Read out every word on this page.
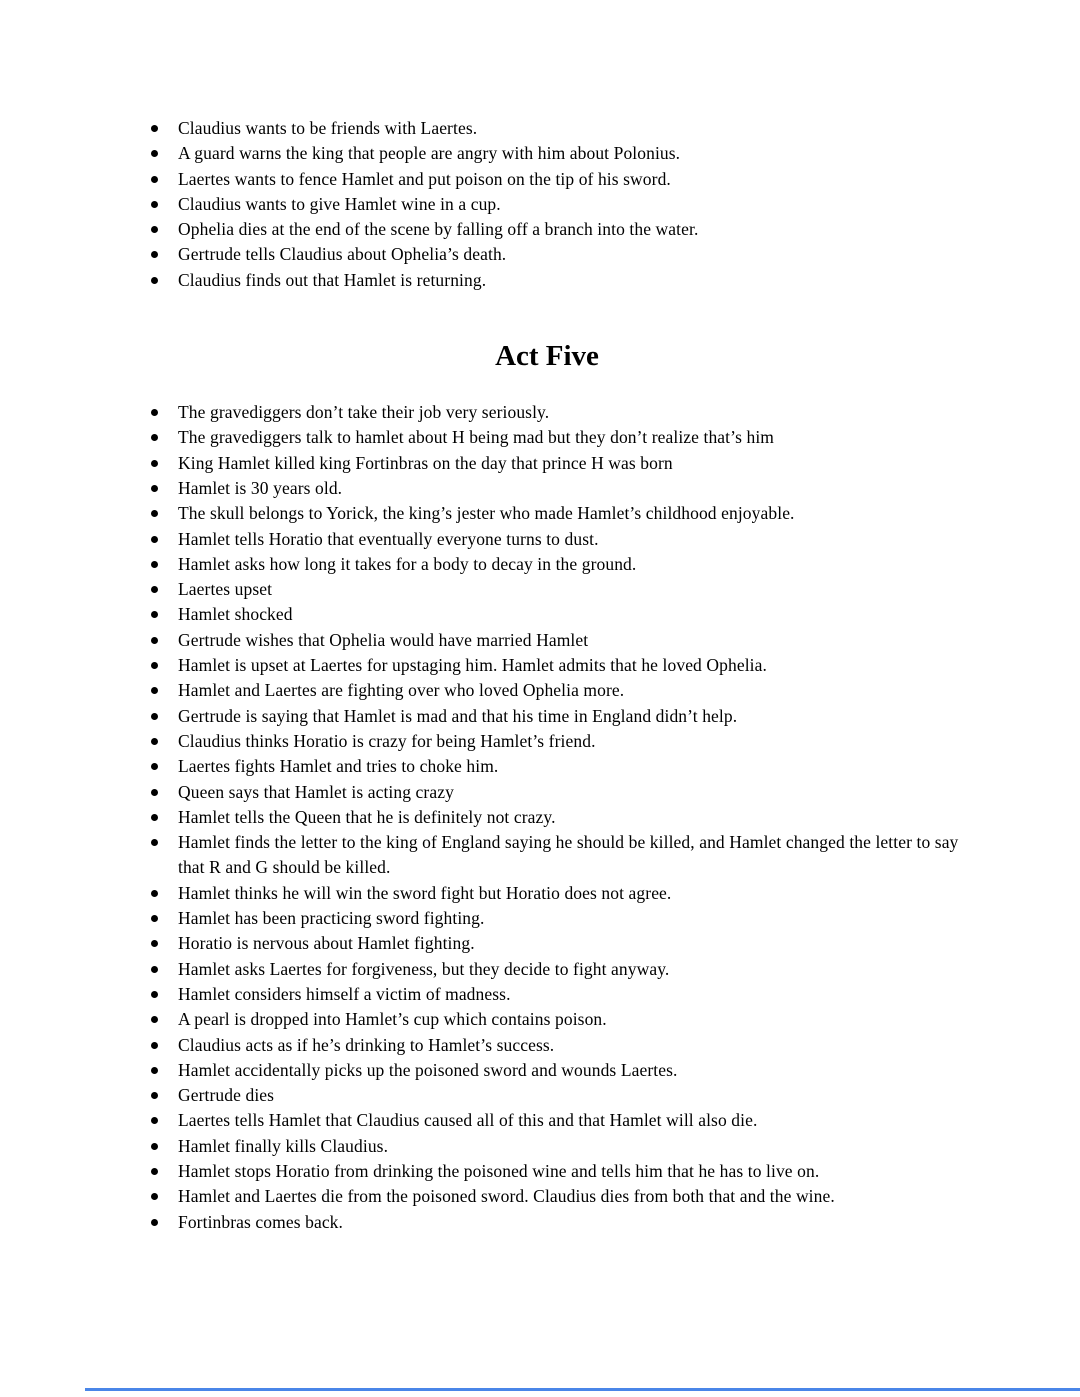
Claudius wants to be friends with Laertes.
A guard warns the king that people are angry with him about Polonius.
Laertes wants to fence Hamlet and put poison on the tip of his sword.
Claudius wants to give Hamlet wine in a cup.
Ophelia dies at the end of the scene by falling off a branch into the water.
Gertrude tells Claudius about Ophelia’s death.
Claudius finds out that Hamlet is returning.
Act Five
The gravediggers don’t take their job very seriously.
The gravediggers talk to hamlet about H being mad but they don’t realize that’s him
King Hamlet killed king Fortinbras on the day that prince H was born
Hamlet is 30 years old.
The skull belongs to Yorick, the king’s jester who made Hamlet’s childhood enjoyable.
Hamlet tells Horatio that eventually everyone turns to dust.
Hamlet asks how long it takes for a body to decay in the ground.
Laertes upset
Hamlet shocked
Gertrude wishes that Ophelia would have married Hamlet
Hamlet is upset at Laertes for upstaging him. Hamlet admits that he loved Ophelia.
Hamlet and Laertes are fighting over who loved Ophelia more.
Gertrude is saying that Hamlet is mad and that his time in England didn’t help.
Claudius thinks Horatio is crazy for being Hamlet’s friend.
Laertes fights Hamlet and tries to choke him.
Queen says that Hamlet is acting crazy
Hamlet tells the Queen that he is definitely not crazy.
Hamlet finds the letter to the king of England saying he should be killed, and Hamlet changed the letter to say that R and G should be killed.
Hamlet thinks he will win the sword fight but Horatio does not agree.
Hamlet has been practicing sword fighting.
Horatio is nervous about Hamlet fighting.
Hamlet asks Laertes for forgiveness, but they decide to fight anyway.
Hamlet considers himself a victim of madness.
A pearl is dropped into Hamlet’s cup which contains poison.
Claudius acts as if he’s drinking to Hamlet’s success.
Hamlet accidentally picks up the poisoned sword and wounds Laertes.
Gertrude dies
Laertes tells Hamlet that Claudius caused all of this and that Hamlet will also die.
Hamlet finally kills Claudius.
Hamlet stops Horatio from drinking the poisoned wine and tells him that he has to live on.
Hamlet and Laertes die from the poisoned sword. Claudius dies from both that and the wine.
Fortinbras comes back.
